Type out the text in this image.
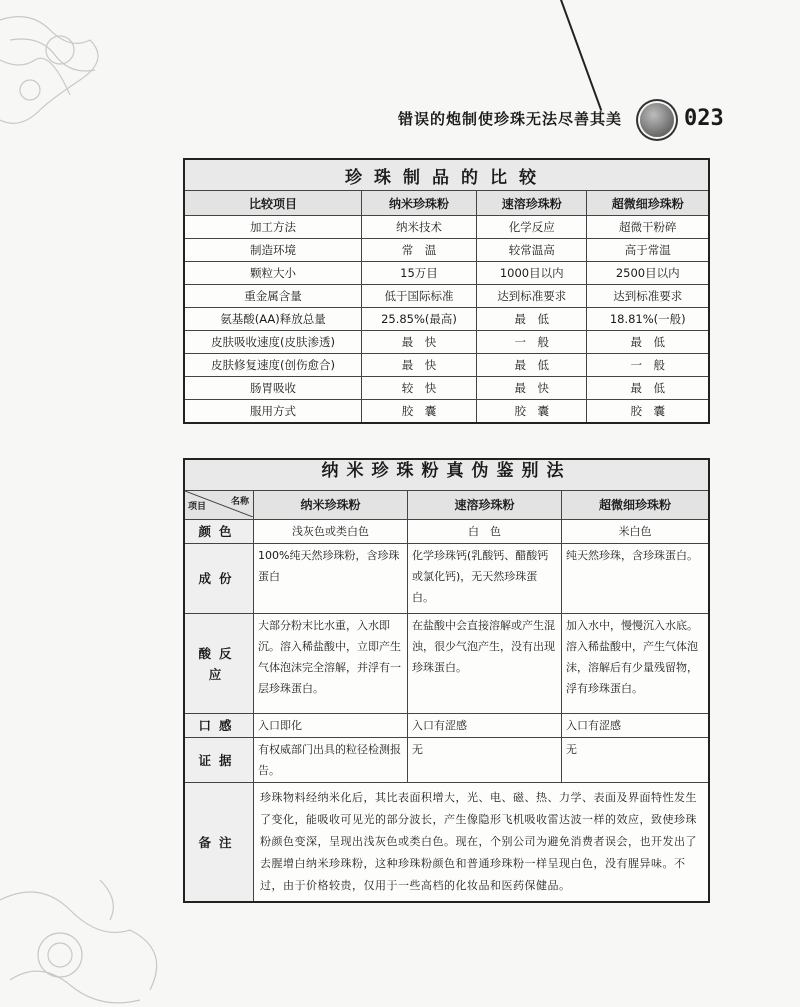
错误的炮制使珍珠无法尽善其美	023
珍珠制品的比较			
比较项目	纳米珍珠粉	速溶珍珠粉	超微细珍珠粉
加工方法	纳米技术	化学反应	超微干粉碎
制造环境	常　温	较常温高	高于常温
颗粒大小	15万目	1000目以内	2500目以内
重金属含量	低于国际标准	达到标准要求	达到标准要求
氨基酸(AA)释放总量	25.85%(最高)	最　低	18.81%(一般)
皮肤吸收速度(皮肤渗透)	最　快	一　般	最　低
皮肤修复速度(创伤愈合)	最　快	最　低	一　般
肠胃吸收	较　快	最　快	最　低
服用方式	胶　囊	胶　囊	胶　囊
纳米珍珠粉真伪鉴别法			

名称
项目	纳米珍珠粉	速溶珍珠粉	超微细珍珠粉
颜色	浅灰色或类白色	白　色	米白色
成份	100%纯天然珍珠粉，含珍珠蛋白	化学珍珠钙(乳酸钙、醋酸钙或氯化钙)，无天然珍珠蛋白。	纯天然珍珠，含珍珠蛋白。
酸反应	大部分粉末比水重，入水即沉。溶入稀盐酸中，立即产生气体泡沫完全溶解，并浮有一层珍珠蛋白。	在盐酸中会直接溶解或产生混浊，很少气泡产生，没有出现珍珠蛋白。	加入水中，慢慢沉入水底。溶入稀盐酸中，产生气体泡沫，溶解后有少量残留物，浮有珍珠蛋白。
口感	入口即化	入口有涩感	入口有涩感
证据	有权威部门出具的粒径检测报告。	无	无
备注	珍珠物料经纳米化后，其比表面积增大，光、电、磁、热、力学、表面及界面特性发生了变化，能吸收可见光的部分波长，产生像隐形飞机吸收雷达波一样的效应，致使珍珠粉颜色变深，呈现出浅灰色或类白色。现在，个别公司为避免消费者误会，也开发出了去腥增白纳米珍珠粉，这种珍珠粉颜色和普通珍珠粉一样呈现白色，没有腥异味。不过，由于价格较贵，仅用于一些高档的化妆品和医药保健品。		
